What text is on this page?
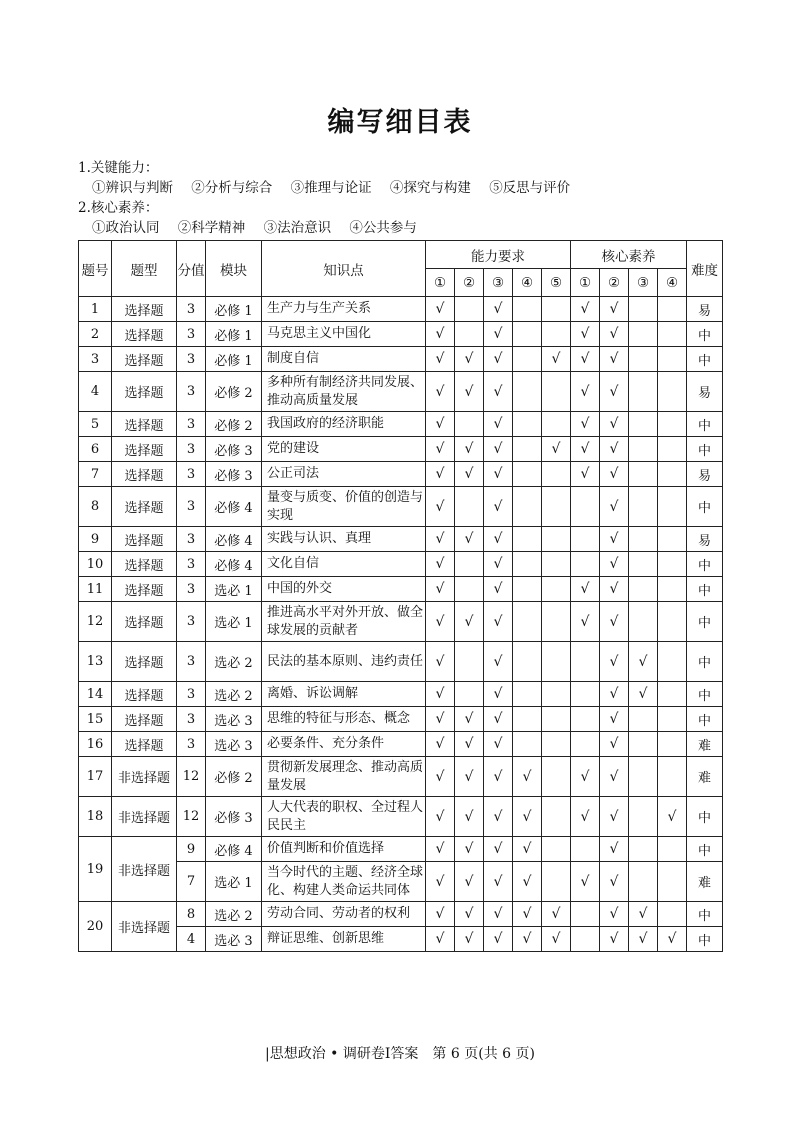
编写细目表
1.关键能力：
①辨识与判断 ②分析与综合 ③推理与论证 ④探究与构建 ⑤反思与评价
2.核心素养：
①政治认同 ②科学精神 ③法治意识 ④公共参与
题号	题型	分值	模块	知识点	能力要求					核心素养				难度
					①	②	③	④	⑤	①	②	③	④	
1	选择题	3	必修 1	生产力与生产关系	√		√			√	√			易
2	选择题	3	必修 1	马克思主义中国化	√		√			√	√			中
3	选择题	3	必修 1	制度自信	√	√	√		√	√	√			中
4	选择题	3	必修 2	多种所有制经济共同发展、推动高质量发展	√	√	√			√	√			易
5	选择题	3	必修 2	我国政府的经济职能	√		√			√	√			中
6	选择题	3	必修 3	党的建设	√	√	√		√	√	√			中
7	选择题	3	必修 3	公正司法	√	√	√			√	√			易
8	选择题	3	必修 4	量变与质变、价值的创造与实现	√		√				√			中
9	选择题	3	必修 4	实践与认识、真理	√	√	√				√			易
10	选择题	3	必修 4	文化自信	√		√				√			中
11	选择题	3	选必 1	中国的外交	√		√			√	√			中
12	选择题	3	选必 1	推进高水平对外开放、做全球发展的贡献者	√	√	√			√	√			中
13	选择题	3	选必 2	民法的基本原则、违约责任	√		√				√	√		中
14	选择题	3	选必 2	离婚、诉讼调解	√		√				√	√		中
15	选择题	3	选必 3	思维的特征与形态、概念	√	√	√				√			中
16	选择题	3	选必 3	必要条件、充分条件	√	√	√				√			难
17	非选择题	12	必修 2	贯彻新发展理念、推动高质量发展	√	√	√	√		√	√			难
18	非选择题	12	必修 3	人大代表的职权、全过程人民民主	√	√	√	√		√	√		√	中
19	非选择题	9	必修 4	价值判断和价值选择	√	√	√	√			√			中
		7	选必 1	当今时代的主题、经济全球化、构建人类命运共同体	√	√	√	√		√	√			难
20	非选择题	8	选必 2	劳动合同、劳动者的权利	√	√	√	√	√		√	√		中
		4	选必 3	辩证思维、创新思维	√	√	√	√	√		√	√	√	中
|思想政治 • 调研卷Ⅰ答案　第 6 页(共 6 页)
